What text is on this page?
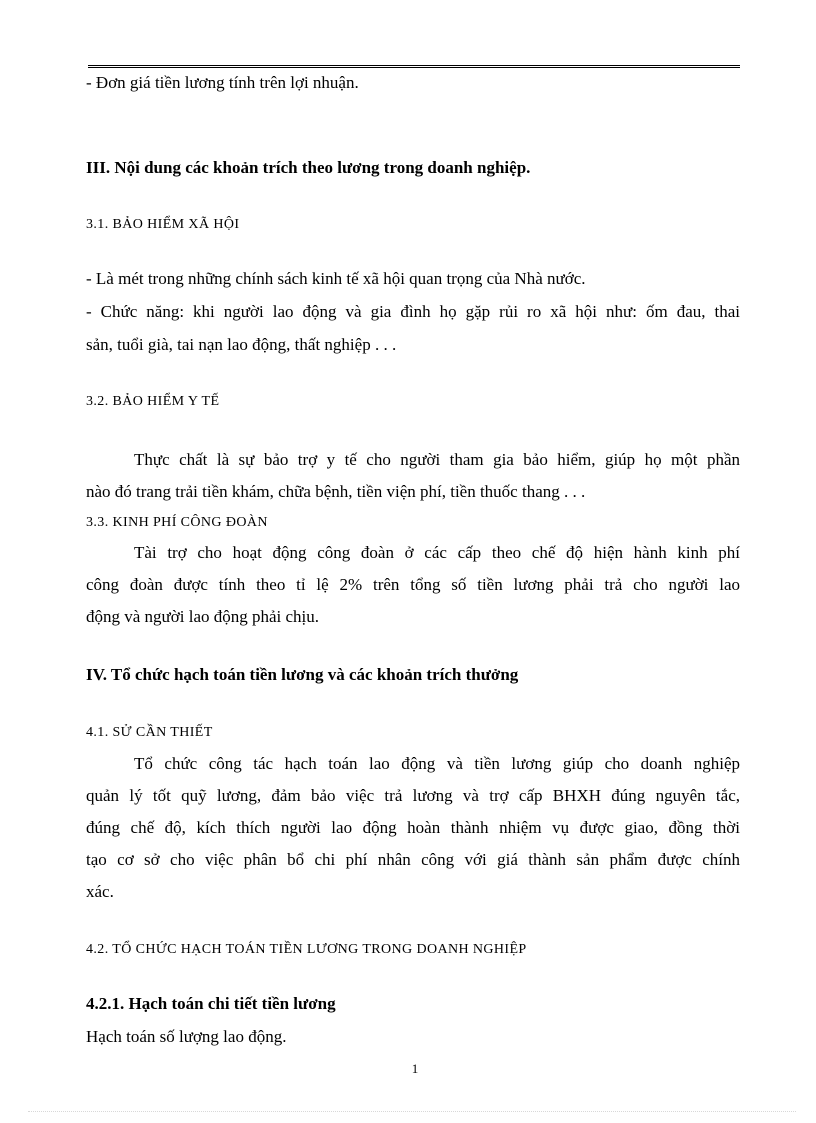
- Đơn giá tiền lương tính trên lợi nhuận.
III. Nội dung các khoản trích theo lương trong doanh nghiệp.
3.1. BẢO HIỂM XÃ HỘI
- Là mét trong những chính sách kinh tế xã hội quan trọng của Nhà nước.
- Chức năng: khi người lao động và gia đình họ gặp rủi ro xã hội như: ốm đau, thai
sản, tuổi già, tai nạn lao động, thất nghiệp . . .
3.2. BẢO HIỂM Y TẾ
Thực chất là sự bảo trợ y tế cho người tham gia bảo hiểm, giúp họ một phần
nào đó trang trải tiền khám, chữa bệnh, tiền viện phí, tiền thuốc thang . . .
3.3. KINH PHÍ CÔNG ĐOÀN
Tài trợ cho hoạt động công đoàn ở các cấp theo chế độ hiện hành kinh phí
công đoàn được tính theo tỉ lệ 2% trên tổng số tiền lương phải trả cho người lao
động và người lao động phải chịu.
IV. Tổ chức hạch toán tiền lương và các khoản trích thưởng
4.1. SỬ CẦN THIẾT
Tổ chức công tác hạch toán lao động và tiền lương giúp cho doanh nghiệp
quản lý tốt quỹ lương, đảm bảo việc trả lương và trợ cấp BHXH đúng nguyên tắc,
đúng chế độ, kích thích người lao động hoàn thành nhiệm vụ được giao, đồng thời
tạo cơ sở cho việc phân bổ chi phí nhân công với giá thành sản phẩm được chính
xác.
4.2. TỔ CHỨC HẠCH TOÁN TIỀN LƯƠNG TRONG DOANH NGHIỆP
4.2.1. Hạch toán chi tiết tiền lương
Hạch toán số lượng lao động.
1
